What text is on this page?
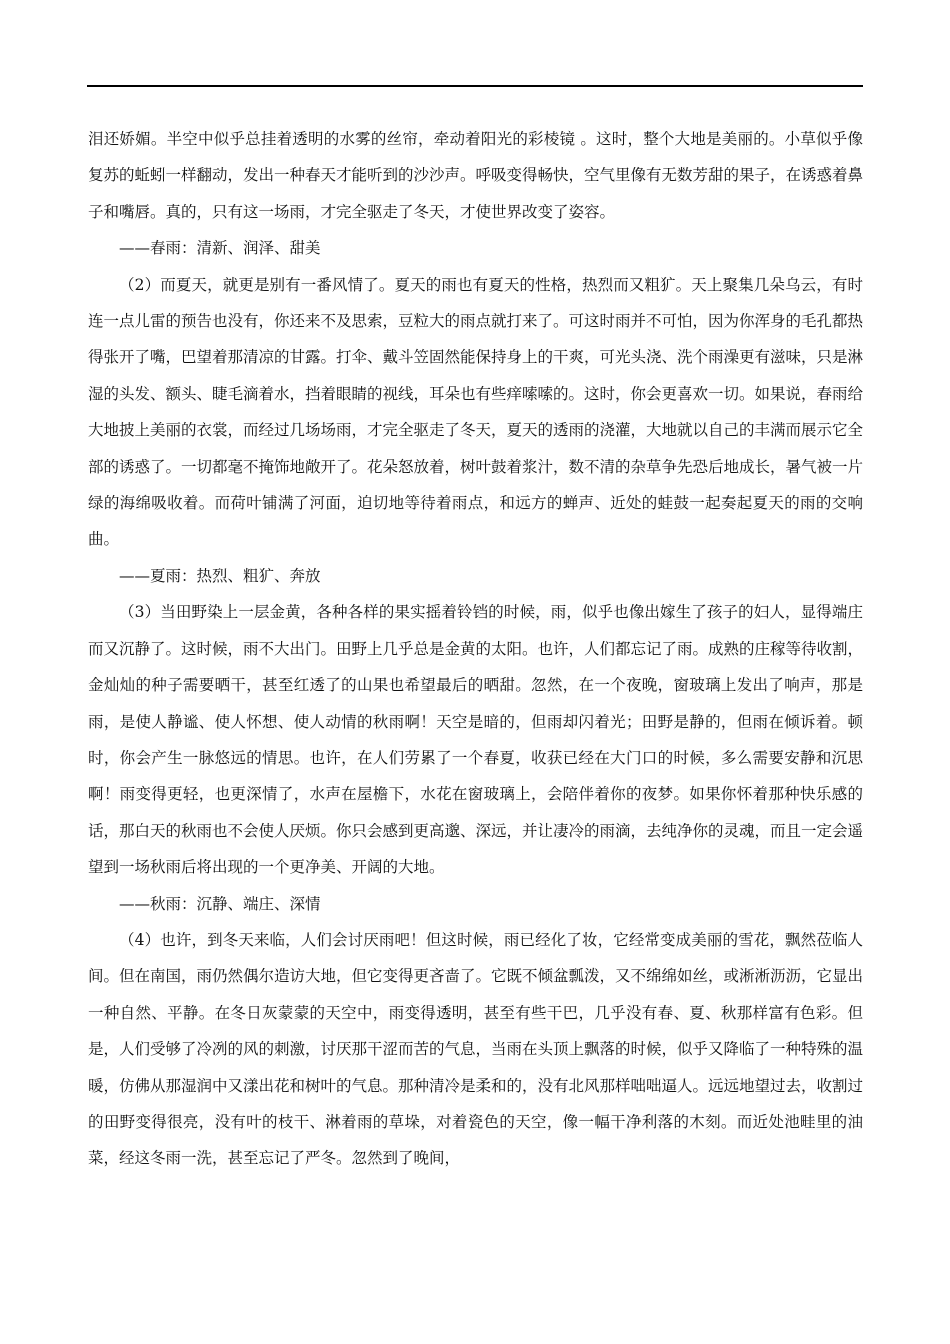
泪还娇媚。半空中似乎总挂着透明的水雾的丝帘，牵动着阳光的彩棱镜 。这时，整个大地是美丽的。小草似乎像复苏的蚯蚓一样翻动，发出一种春天才能听到的沙沙声。呼吸变得畅快，空气里像有无数芳甜的果子，在诱惑着鼻子和嘴唇。真的，只有这一场雨，才完全驱走了冬天，才使世界改变了姿容。

——春雨：清新、润泽、甜美

（2）而夏天，就更是别有一番风情了。夏天的雨也有夏天的性格，热烈而又粗犷。天上聚集几朵乌云，有时连一点儿雷的预告也没有，你还来不及思索，豆粒大的雨点就打来了。可这时雨并不可怕，因为你浑身的毛孔都热得张开了嘴，巴望着那清凉的甘露。打伞、戴斗笠固然能保持身上的干爽，可光头浇、洗个雨澡更有滋味，只是淋湿的头发、额头、睫毛滴着水，挡着眼睛的视线，耳朵也有些痒嗦嗦的。这时，你会更喜欢一切。如果说，春雨给大地披上美丽的衣裳，而经过几场场雨，才完全驱走了冬天，夏天的透雨的浇灌，大地就以自己的丰满而展示它全部的诱惑了。一切都毫不掩饰地敞开了。花朵怒放着，树叶鼓着浆汁，数不清的杂草争先恐后地成长，暑气被一片绿的海绵吸收着。而荷叶铺满了河面，迫切地等待着雨点，和远方的蝉声、近处的蛙鼓一起奏起夏天的雨的交响曲。

——夏雨：热烈、粗犷、奔放

（3）当田野染上一层金黄，各种各样的果实摇着铃铛的时候，雨，似乎也像出嫁生了孩子的妇人，显得端庄而又沉静了。这时候，雨不大出门。田野上几乎总是金黄的太阳。也许，人们都忘记了雨。成熟的庄稼等待收割，金灿灿的种子需要晒干，甚至红透了的山果也希望最后的晒甜。忽然，在一个夜晚，窗玻璃上发出了响声，那是雨，是使人静谧、使人怀想、使人动情的秋雨啊！天空是暗的，但雨却闪着光；田野是静的，但雨在倾诉着。顿时，你会产生一脉悠远的情思。也许，在人们劳累了一个春夏，收获已经在大门口的时候，多么需要安静和沉思啊！雨变得更轻，也更深情了，水声在屋檐下，水花在窗玻璃上，会陪伴着你的夜梦。如果你怀着那种快乐感的话，那白天的秋雨也不会使人厌烦。你只会感到更高邈、深远，并让凄冷的雨滴，去纯净你的灵魂，而且一定会遥望到一场秋雨后将出现的一个更净美、开阔的大地。

——秋雨：沉静、端庄、深情

（4）也许，到冬天来临，人们会讨厌雨吧！但这时候，雨已经化了妆，它经常变成美丽的雪花，飘然莅临人间。但在南国，雨仍然偶尔造访大地，但它变得更吝啬了。它既不倾盆瓢泼，又不绵绵如丝，或淅淅沥沥，它显出一种自然、平静。在冬日灰蒙蒙的天空中，雨变得透明，甚至有些干巴，几乎没有春、夏、秋那样富有色彩。但是，人们受够了冷冽的风的刺激，讨厌那干涩而苦的气息，当雨在头顶上飘落的时候，似乎又降临了一种特殊的温暖，仿佛从那湿润中又漾出花和树叶的气息。那种清冷是柔和的，没有北风那样咄咄逼人。远远地望过去，收割过的田野变得很亮，没有叶的枝干、淋着雨的草垛，对着瓷色的天空，像一幅干净利落的木刻。而近处池畦里的油菜，经这冬雨一洗，甚至忘记了严冬。忽然到了晚间，
